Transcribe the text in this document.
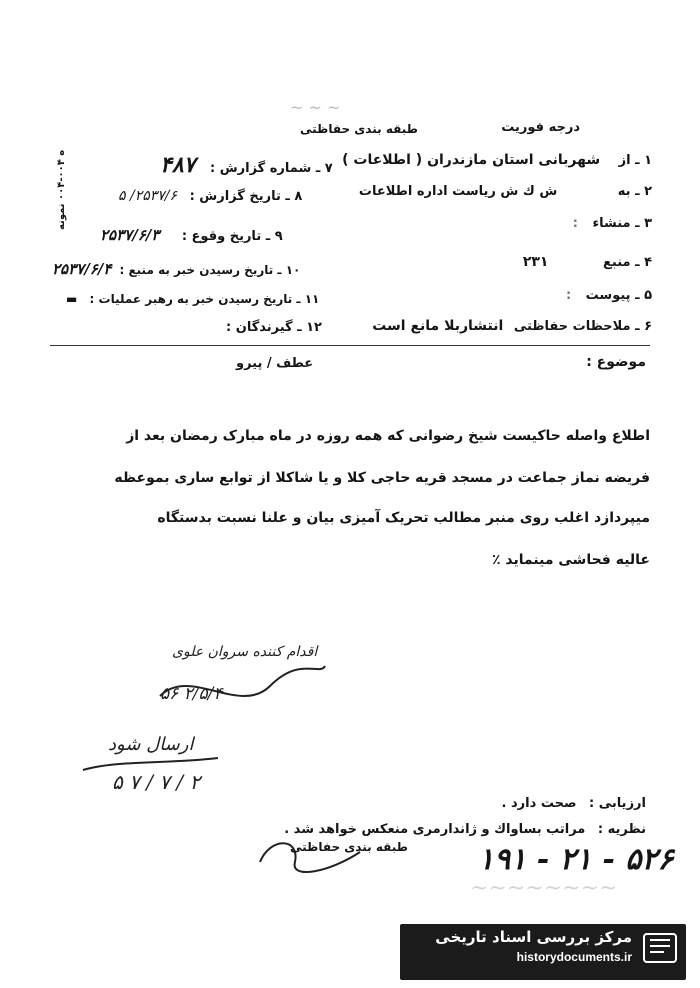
~ ~ ~
درجه فوریت
طبقه بندی حفاظتی
ه ۰۰۴-۰۰۴ نمونه	۱ ـ از شهربانی استان مازندران ( اطلاعات )
۲ ـ به ش ك ش ریاست اداره اطلاعات
۳ ـ منشاء :
۴ ـ منبع ۲۳۱
۵ ـ پیوست :
۶ ـ ملاحظات حفاظتی انتشاربلا مانع است
۷ ـ شماره گزارش : ۴۸۷
۸ ـ تاریخ گزارش : ۲۵۳۷/۶/ ۵
۹ ـ تاریخ وقوع : ۲۵۳۷/۶/۳
۱۰ ـ تاریخ رسیدن خبر به منبع : ۲۵۳۷/۶/۴
۱۱ ـ تاریخ رسیدن خبر به رهبر عملیات : ▬
۱۲ ـ گیرندگان :
موضوع :
عطف / پیرو
اطلاع واصله حاکیست شیخ رضوانی که همه روزه در ماه مبارک رمضان بعد از
فریضه نماز جماعت در مسجد قریه حاجی کلا و یا شاکلا از توابع ساری بموعظه
میپردازد اغلب روی منبر مطالب تحریک آمیزی بیان و علنا نسبت بدستگاه
عالیه فحاشی مینماید ٪
اقدام کننده سروان علوی
۵۶ ۲/۵/۴
ارسال شود
۵ ۷ / ۷ / ۲
ارزیابی : صحت دارد .
نظریه : مراتب بساواك و ژاندارمری منعکس خواهد شد .
طبقه بندی حفاظتی ۱۹۱ - ۲۱ - ۵۲۶
~~~~~~~~
مرکز بررسی اسناد تاریخی
historydocuments.ir
